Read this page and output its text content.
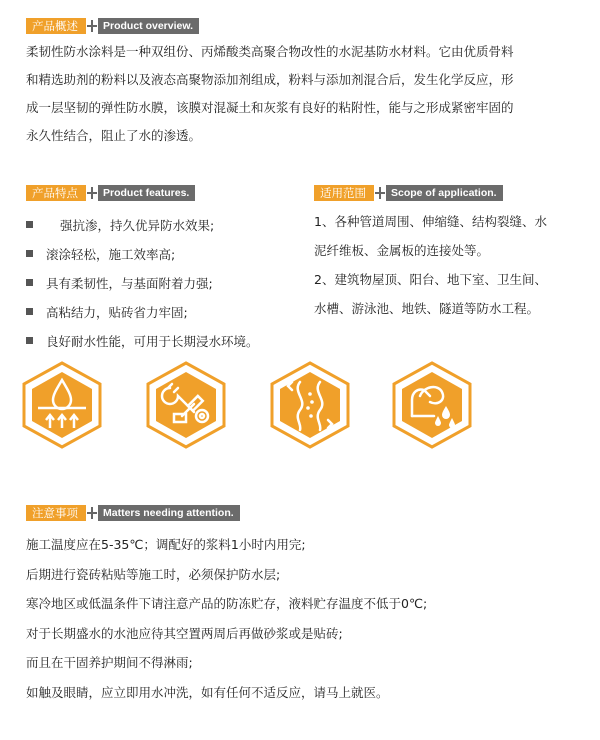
产品概述	Product overview.
柔韧性防水涂料是一种双组份、丙烯酸类高聚合物改性的水泥基防水材料。它由优质骨料
和精选助剂的粉料以及液态高聚物添加剂组成，粉料与添加剂混合后，发生化学反应，形
成一层坚韧的弹性防水膜，该膜对混凝土和灰浆有良好的粘附性，能与之形成紧密牢固的
永久性结合，阻止了水的渗透。
产品特点	Product features.
强抗渗，持久优异防水效果;
滚涂轻松，施工效率高;
具有柔韧性，与基面附着力强;
高粘结力，贴砖省力牢固;
良好耐水性能，可用于长期浸水环境。
适用范围	Scope of application.
1、各种管道周围、伸缩缝、结构裂缝、水
泥纤维板、金属板的连接处等。
2、建筑物屋顶、阳台、地下室、卫生间、
水槽、游泳池、地铁、隧道等防水工程。
注意事项	Matters needing attention.
施工温度应在5-35℃；调配好的浆料1小时内用完;
后期进行瓷砖粘贴等施工时，必须保护防水层;
寒冷地区或低温条件下请注意产品的防冻贮存，液料贮存温度不低于0℃;
对于长期盛水的水池应待其空置两周后再做砂浆或是贴砖;
而且在干固养护期间不得淋雨;
如触及眼睛，应立即用水冲洗，如有任何不适反应，请马上就医。
